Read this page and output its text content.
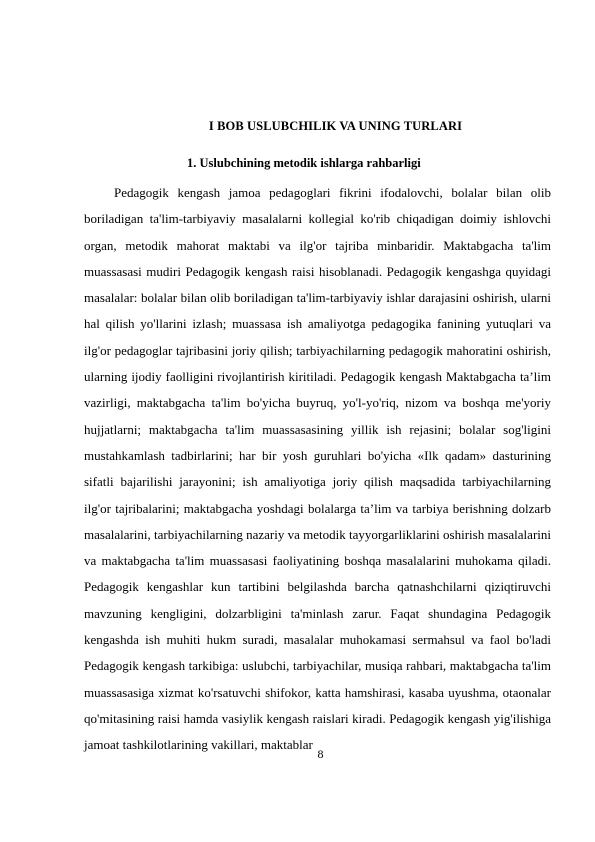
I BOB USLUBCHILIK VA UNING TURLARI
1. Uslubchining metodik ishlarga rahbarligi

Pedagogik kengash jamoa pedagoglari fikrini ifodalovchi, bolalar bilan olib boriladigan ta'lim-tarbiyaviy masalalarni kollegial ko'rib chiqadigan doimiy ishlovchi organ, metodik mahorat maktabi va ilg'or tajriba minbaridir. Maktabgacha ta'lim muassasasi mudiri Pedagogik kengash raisi hisoblanadi. Pedagogik kengashga quyidagi masalalar: bolalar bilan olib boriladigan ta'lim-tarbiyaviy ishlar darajasini oshirish, ularni hal qilish yo'llarini izlash; muassasa ish amaliyotga pedagogika fanining yutuqlari va ilg'or pedagoglar tajribasini joriy qilish; tarbiyachilarning pedagogik mahoratini oshirish, ularning ijodiy faolligini rivojlantirish kiritiladi. Pedagogik kengash Maktabgacha ta’lim vazirligi, maktabgacha ta'lim bo'yicha buyruq, yo'l-yo'riq, nizom va boshqa me'yoriy hujjatlarni; maktabgacha ta'lim muassasasining yillik ish rejasini; bolalar sog'ligini mustahkamlash tadbirlarini; har bir yosh guruhlari bo'yicha «Ilk qadam» dasturining sifatli bajarilishi jarayonini; ish amaliyotiga joriy qilish maqsadida tarbiyachilarning ilg'or tajribalarini; maktabgacha yoshdagi bolalarga ta’lim va tarbiya berishning dolzarb masalalarini, tarbiyachilarning nazariy va metodik tayyorgarliklarini oshirish masalalarini va maktabgacha ta'lim muassasasi faoliyatining boshqa masalalarini muhokama qiladi. Pedagogik kengashlar kun tartibini belgilashda barcha qatnashchilarni qiziqtiruvchi mavzuning kengligini, dolzarbligini ta'minlash zarur. Faqat shundagina Pedagogik kengashda ish muhiti hukm suradi, masalalar muhokamasi sermahsul va faol bo'ladi Pedagogik kengash tarkibiga: uslubchi, tarbiyachilar, musiqa rahbari, maktabgacha ta'lim muassasasiga xizmat ko'rsatuvchi shifokor, katta hamshirasi, kasaba uyushma, otaonalar qo'mitasining raisi hamda vasiylik kengash raislari kiradi. Pedagogik kengash yig'ilishiga jamoat tashkilotlarining vakillari, maktablar

8
